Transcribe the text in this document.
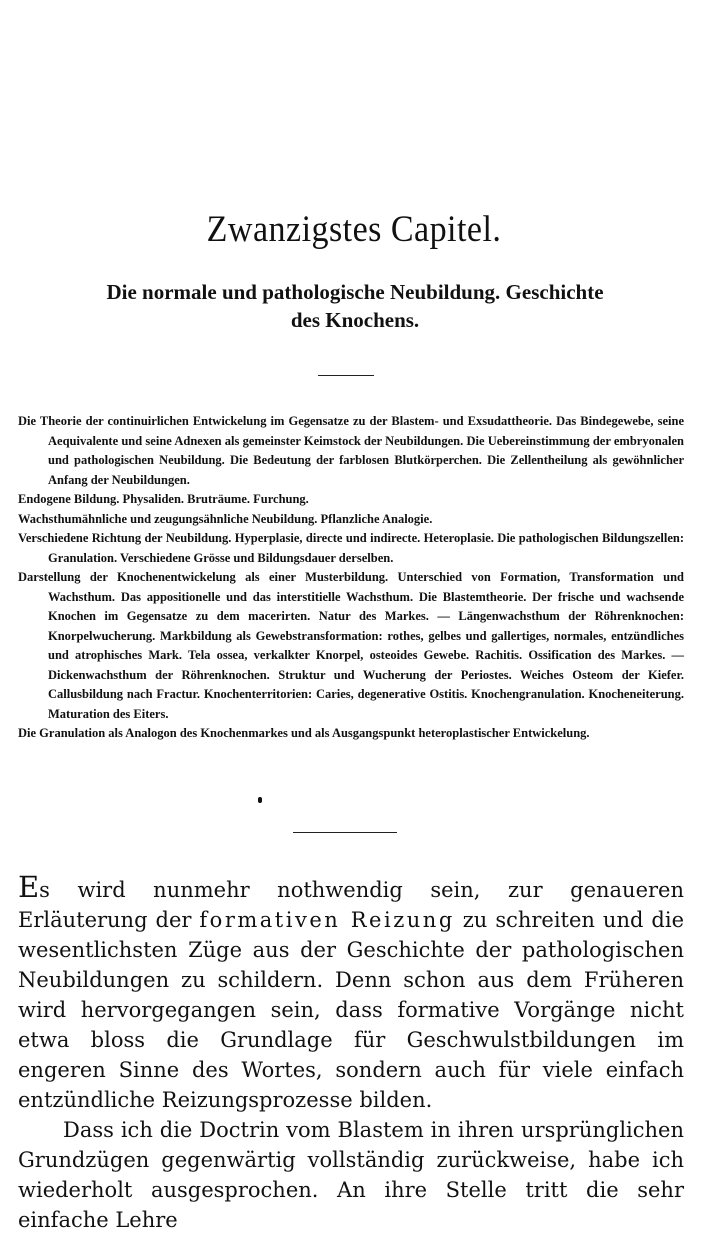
Zwanzigstes Capitel.
Die normale und pathologische Neubildung. Geschichte
des Knochens.

Die Theorie der continuirlichen Entwickelung im Gegensatze zu der Blastem- und Exsudattheorie. Das Bindegewebe, seine Aequivalente und seine Adnexen als gemeinster Keimstock der Neubildungen. Die Uebereinstimmung der embryonalen und pathologischen Neubildung. Die Bedeutung der farblosen Blutkörperchen. Die Zellentheilung als gewöhnlicher Anfang der Neubildungen.

Endogene Bildung. Physaliden. Bruträume. Furchung.

Wachsthumähnliche und zeugungsähnliche Neubildung. Pflanzliche Analogie.

Verschiedene Richtung der Neubildung. Hyperplasie, directe und indirecte. Heteroplasie. Die pathologischen Bildungszellen: Granulation. Verschiedene Grösse und Bildungsdauer derselben.

Darstellung der Knochenentwickelung als einer Musterbildung. Unterschied von Formation, Transformation und Wachsthum. Das appositionelle und das interstitielle Wachsthum. Die Blastemtheorie. Der frische und wachsende Knochen im Gegensatze zu dem macerirten. Natur des Markes. — Längenwachsthum der Röhrenknochen: Knorpelwucherung. Markbildung als Gewebstransformation: rothes, gelbes und gallertiges, normales, entzündliches und atrophisches Mark. Tela ossea, verkalkter Knorpel, osteoides Gewebe. Rachitis. Ossification des Markes. — Dickenwachsthum der Röhrenknochen. Struktur und Wucherung der Periostes. Weiches Osteom der Kiefer. Callusbildung nach Fractur. Knochenterritorien: Caries, degenerative Ostitis. Knochengranulation. Knocheneiterung. Maturation des Eiters.

Die Granulation als Analogon des Knochenmarkes und als Ausgangspunkt heteroplastischer Entwickelung.

Es wird nunmehr nothwendig sein, zur genaueren Erläuterung der formativen Reizung zu schreiten und die wesentlichsten Züge aus der Geschichte der pathologischen Neubildungen zu schildern. Denn schon aus dem Früheren wird hervorgegangen sein, dass formative Vorgänge nicht etwa bloss die Grundlage für Geschwulstbildungen im engeren Sinne des Wortes, sondern auch für viele einfach entzündliche Reizungsprozesse bilden.

Dass ich die Doctrin vom Blastem in ihren ursprünglichen Grundzügen gegenwärtig vollständig zurückweise, habe ich wiederholt ausgesprochen. An ihre Stelle tritt die sehr einfache Lehre
